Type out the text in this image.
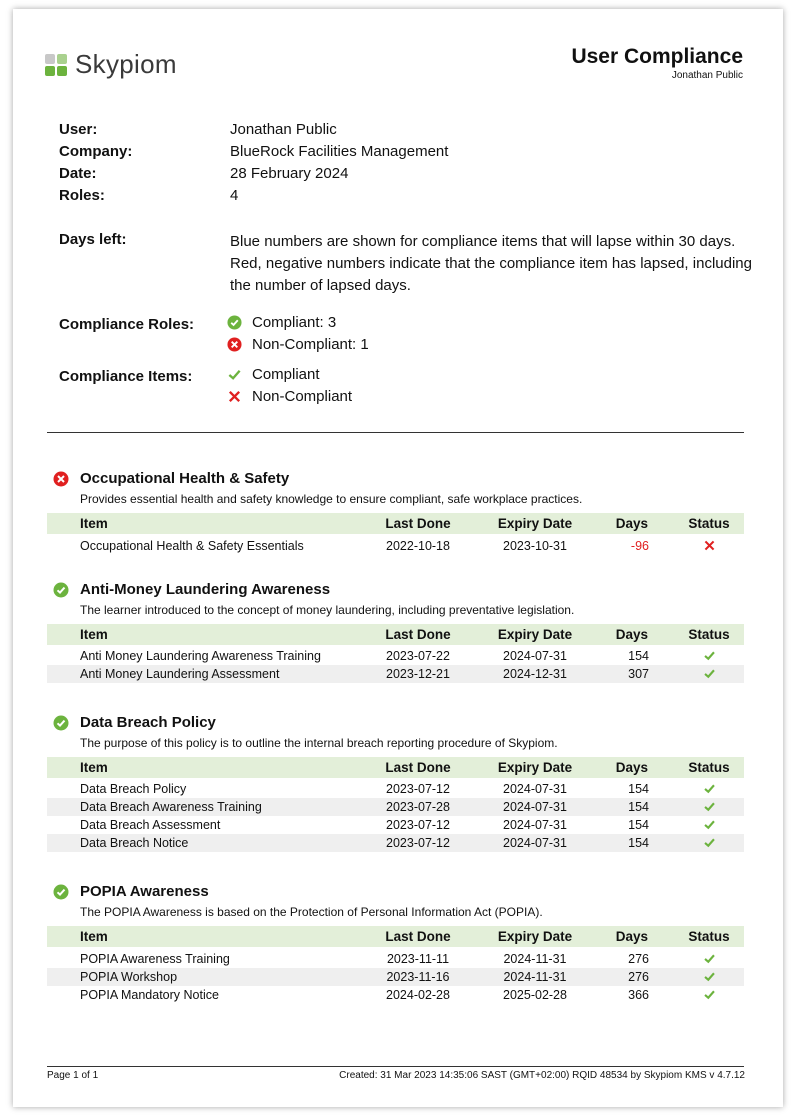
Skypiom	User Compliance
Jonathan Public
User:	Jonathan Public
Company:	BlueRock Facilities Management
Date:	28 February 2024
Roles:	4
Days left:	Blue numbers are shown for compliance items that will lapse within 30 days. Red, negative numbers indicate that the compliance item has lapsed, including the number of lapsed days.
Compliance Roles:	Compliant: 3
Non-Compliant: 1
Compliance Items:	Compliant
Non-Compliant
Occupational Health & Safety
Provides essential health and safety knowledge to ensure compliant, safe workplace practices.
Item	Last Done	Expiry Date	Days	Status
Occupational Health & Safety Essentials	2022-10-18	2023-10-31	-96
Anti-Money Laundering Awareness
The learner introduced to the concept of money laundering, including preventative legislation.
Item	Last Done	Expiry Date	Days	Status
Anti Money Laundering Awareness Training	2023-07-22	2024-07-31	154
Anti Money Laundering Assessment	2023-12-21	2024-12-31	307
Data Breach Policy
The purpose of this policy is to outline the internal breach reporting procedure of Skypiom.
Item	Last Done	Expiry Date	Days	Status
Data Breach Policy	2023-07-12	2024-07-31	154
Data Breach Awareness Training	2023-07-28	2024-07-31	154
Data Breach Assessment	2023-07-12	2024-07-31	154
Data Breach Notice	2023-07-12	2024-07-31	154
POPIA Awareness
The POPIA Awareness is based on the Protection of Personal Information Act (POPIA).
Item	Last Done	Expiry Date	Days	Status
POPIA Awareness Training	2023-11-11	2024-11-31	276
POPIA Workshop	2023-11-16	2024-11-31	276
POPIA Mandatory Notice	2024-02-28	2025-02-28	366
Page 1 of 1	Created: 31 Mar 2023 14:35:06 SAST (GMT+02:00) RQID 48534 by Skypiom KMS v 4.7.12
